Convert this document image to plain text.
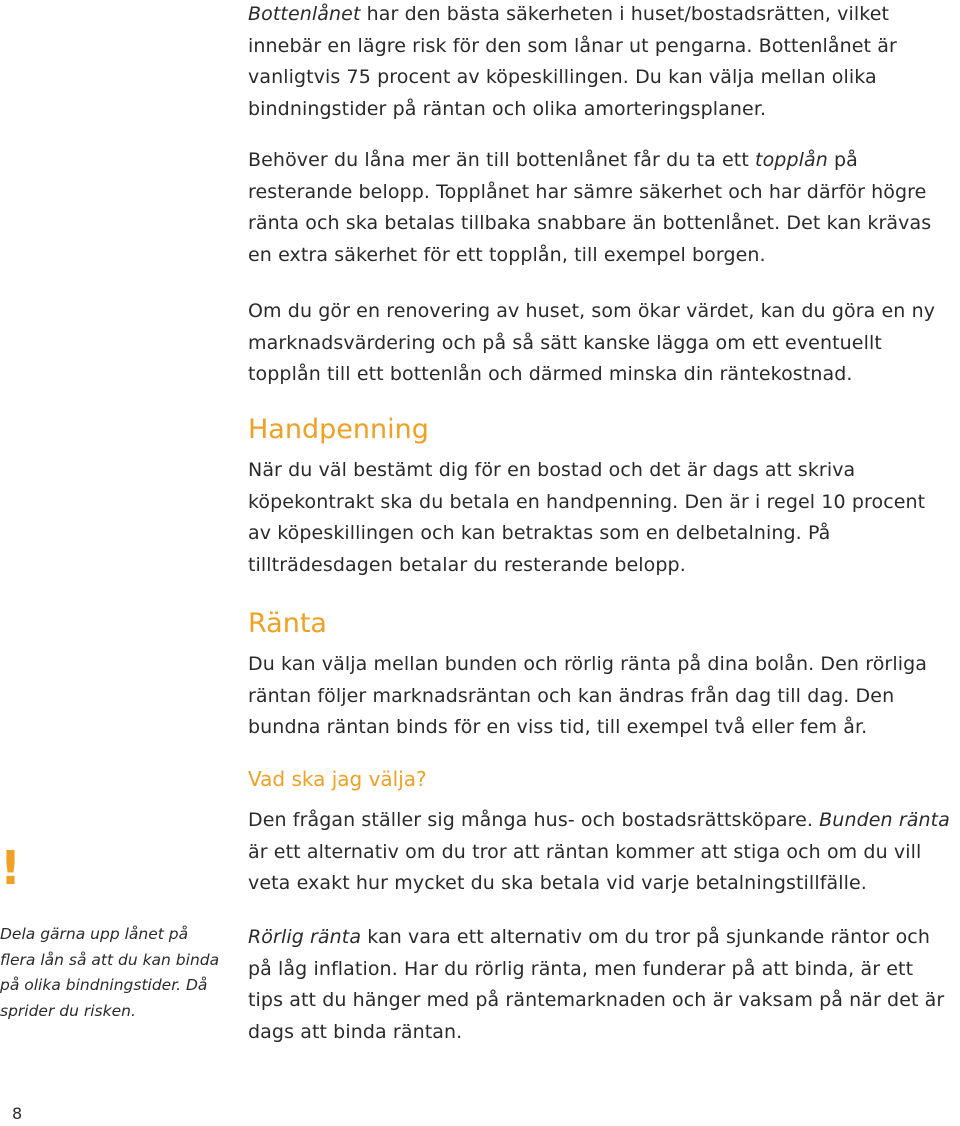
Bottenlånet har den bästa säkerheten i huset/bostadsrätten, vilket innebär en lägre risk för den som lånar ut pengarna. Bottenlånet är vanligtvis 75 procent av köpeskillingen. Du kan välja mellan olika bindningstider på räntan och olika amorteringsplaner.

Behöver du låna mer än till bottenlånet får du ta ett topplån på resterande belopp. Topplånet har sämre säkerhet och har därför högre ränta och ska betalas tillbaka snabbare än bottenlånet. Det kan krävas en extra säkerhet för ett topplån, till exempel borgen.

Om du gör en renovering av huset, som ökar värdet, kan du göra en ny marknadsvärdering och på så sätt kanske lägga om ett eventuellt topplån till ett bottenlån och därmed minska din räntekostnad.

Handpenning

När du väl bestämt dig för en bostad och det är dags att skriva köpekontrakt ska du betala en handpenning. Den är i regel 10 procent av köpeskillingen och kan betraktas som en delbetalning. På tillträdesdagen betalar du resterande belopp.

Ränta

Du kan välja mellan bunden och rörlig ränta på dina bolån. Den rörliga räntan följer marknadsräntan och kan ändras från dag till dag. Den bundna räntan binds för en viss tid, till exempel två eller fem år.

Vad ska jag välja?

Den frågan ställer sig många hus- och bostadsrättsköpare. Bunden ränta är ett alternativ om du tror att räntan kommer att stiga och om du vill veta exakt hur mycket du ska betala vid varje betalningstillfälle.

Rörlig ränta kan vara ett alternativ om du tror på sjunkande räntor och på låg inflation. Har du rörlig ränta, men funderar på att binda, är ett tips att du hänger med på räntemarknaden och är vaksam på när det är dags att binda räntan.

!
Dela gärna upp lånet på flera lån så att du kan binda på olika bindningstider. Då sprider du risken.
8
